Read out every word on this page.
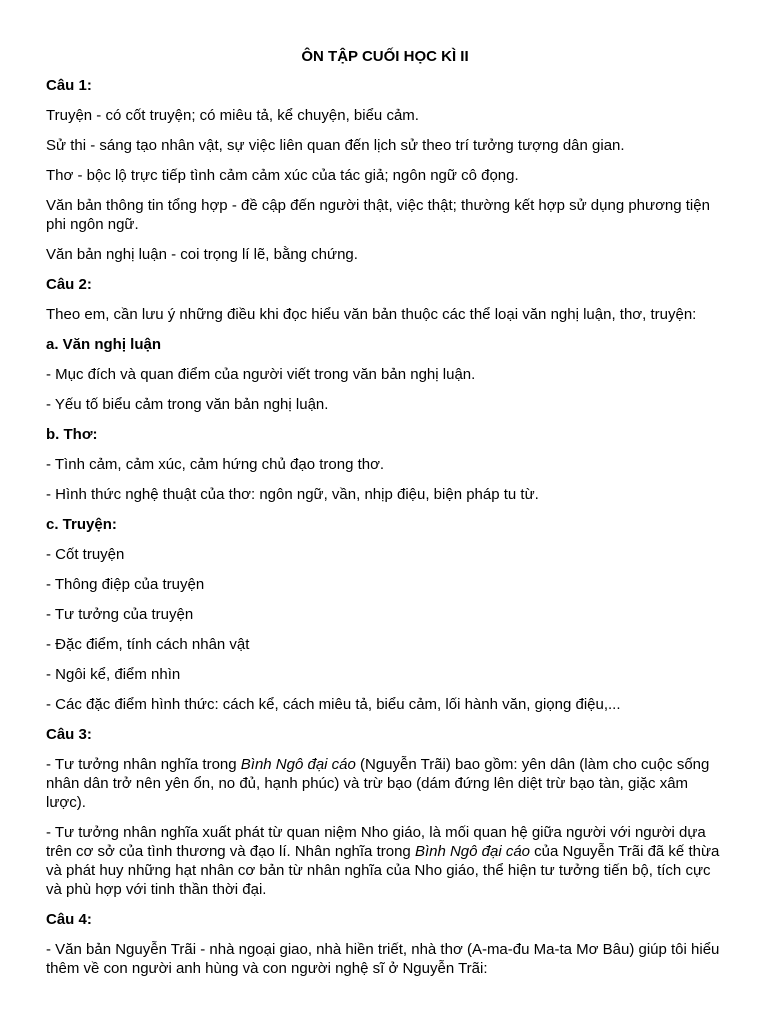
ÔN TẬP CUỐI HỌC KÌ II
Câu 1:
Truyện - có cốt truyện; có miêu tả, kể chuyện, biểu cảm.
Sử thi - sáng tạo nhân vật, sự việc liên quan đến lịch sử theo trí tưởng tượng dân gian.
Thơ - bộc lộ trực tiếp tình cảm cảm xúc của tác giả; ngôn ngữ cô đọng.
Văn bản thông tin tổng hợp - đề cập đến người thật, việc thật; thường kết hợp sử dụng phương tiện phi ngôn ngữ.
Văn bản nghị luận - coi trọng lí lẽ, bằng chứng.
Câu 2:
Theo em, cần lưu ý những điều khi đọc hiểu văn bản thuộc các thể loại văn nghị luận, thơ, truyện:
a. Văn nghị luận
- Mục đích và quan điểm của người viết trong văn bản nghị luận.
- Yếu tố biểu cảm trong văn bản nghị luận.
b. Thơ:
- Tình cảm, cảm xúc, cảm hứng chủ đạo trong thơ.
- Hình thức nghệ thuật của thơ: ngôn ngữ, vần, nhịp điệu, biện pháp tu từ.
c. Truyện:
- Cốt truyện
- Thông điệp của truyện
- Tư tưởng của truyện
- Đặc điểm, tính cách nhân vật
- Ngôi kể, điểm nhìn
- Các đặc điểm hình thức: cách kể, cách miêu tả, biểu cảm, lối hành văn, giọng điệu,...
Câu 3:
- Tư tưởng nhân nghĩa trong Bình Ngô đại cáo (Nguyễn Trãi) bao gồm: yên dân (làm cho cuộc sống nhân dân trở nên yên ổn, no đủ, hạnh phúc) và trừ bạo (dám đứng lên diệt trừ bạo tàn, giặc xâm lược).
- Tư tưởng nhân nghĩa xuất phát từ quan niệm Nho giáo, là mối quan hệ giữa người với người dựa trên cơ sở của tình thương và đạo lí. Nhân nghĩa trong Bình Ngô đại cáo của Nguyễn Trãi đã kế thừa và phát huy những hạt nhân cơ bản từ nhân nghĩa của Nho giáo, thể hiện tư tưởng tiến bộ, tích cực và phù hợp với tinh thần thời đại.
Câu 4:
- Văn bản Nguyễn Trãi - nhà ngoại giao, nhà hiền triết, nhà thơ (A-ma-đu Ma-ta Mơ Bâu) giúp tôi hiểu thêm về con người anh hùng và con người nghệ sĩ ở Nguyễn Trãi:
